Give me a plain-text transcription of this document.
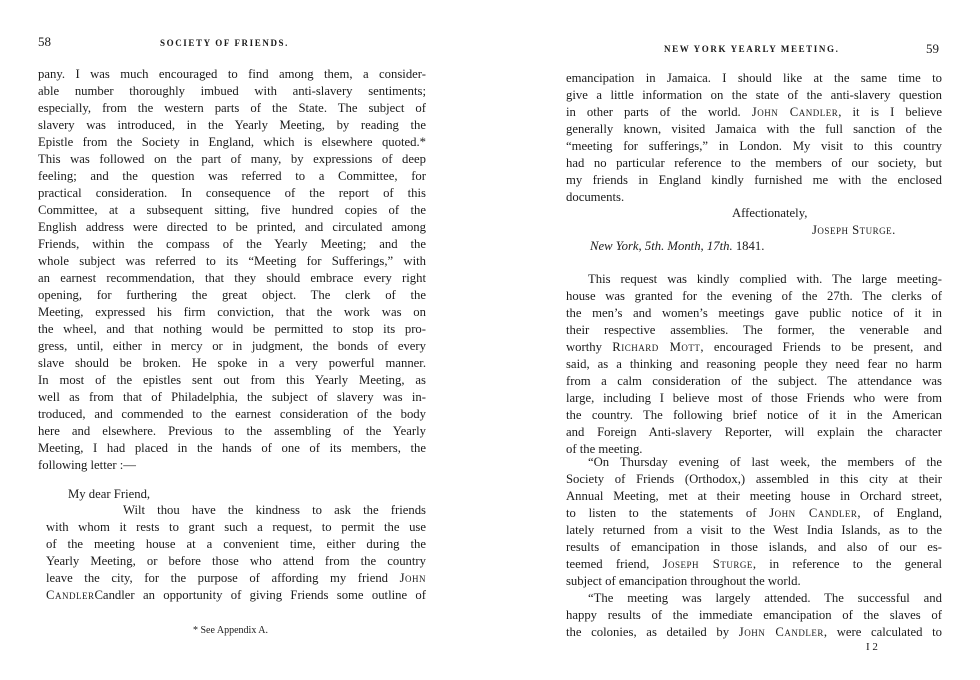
58	SOCIETY OF FRIENDS.
pany. I was much encouraged to find among them, a consider-
able number thoroughly imbued with anti-slavery sentiments;
especially, from the western parts of the State. The subject of
slavery was introduced, in the Yearly Meeting, by reading the
Epistle from the Society in England, which is elsewhere quoted.*
This was followed on the part of many, by expressions of deep
feeling; and the question was referred to a Committee, for
practical consideration. In consequence of the report of this
Committee, at a subsequent sitting, five hundred copies of the
English address were directed to be printed, and circulated among
Friends, within the compass of the Yearly Meeting; and the
whole subject was referred to its “Meeting for Sufferings,” with
an earnest recommendation, that they should embrace every right
opening, for furthering the great object. The clerk of the
Meeting, expressed his firm conviction, that the work was on
the wheel, and that nothing would be permitted to stop its pro-
gress, until, either in mercy or in judgment, the bonds of every
slave should be broken. He spoke in a very powerful manner.
In most of the epistles sent out from this Yearly Meeting, as
well as from that of Philadelphia, the subject of slavery was in-
troduced, and commended to the earnest consideration of the body
here and elsewhere. Previous to the assembling of the Yearly
Meeting, I had placed in the hands of one of its members, the
following letter :—
My dear Friend,
Wilt thou have the kindness to ask the friends
with whom it rests to grant such a request, to permit the use
of the meeting house at a convenient time, either during the
Yearly Meeting, or before those who attend from the country
leave the city, for the purpose of affording my friend John
CandlerCandler an opportunity of giving Friends some outline of
* See Appendix A.
NEW YORK YEARLY MEETING.	59
emancipation in Jamaica. I should like at the same time to
give a little information on the state of the anti-slavery question
in other parts of the world. John Candler, it is I believe
generally known, visited Jamaica with the full sanction of the
“meeting for sufferings,” in London. My visit to this country
had no particular reference to the members of our society, but
my friends in England kindly furnished me with the enclosed
documents.
Affectionately,
Joseph Sturge.
New York, 5th. Month, 17th. 1841.
This request was kindly complied with. The large meeting-
house was granted for the evening of the 27th. The clerks of
the men’s and women’s meetings gave public notice of it in
their respective assemblies. The former, the venerable and
worthy Richard Mott, encouraged Friends to be present, and
said, as a thinking and reasoning people they need fear no harm
from a calm consideration of the subject. The attendance was
large, including I believe most of those Friends who were from
the country. The following brief notice of it in the American
and Foreign Anti-slavery Reporter, will explain the character
of the meeting.
“On Thursday evening of last week, the members of the
Society of Friends (Orthodox,) assembled in this city at their
Annual Meeting, met at their meeting house in Orchard street,
to listen to the statements of John Candler, of England,
lately returned from a visit to the West India Islands, as to the
results of emancipation in those islands, and also of our es-
teemed friend, Joseph Sturge, in reference to the general
subject of emancipation throughout the world.
“The meeting was largely attended. The successful and
happy results of the immediate emancipation of the slaves of
the colonies, as detailed by John Candler, were calculated to
I 2
